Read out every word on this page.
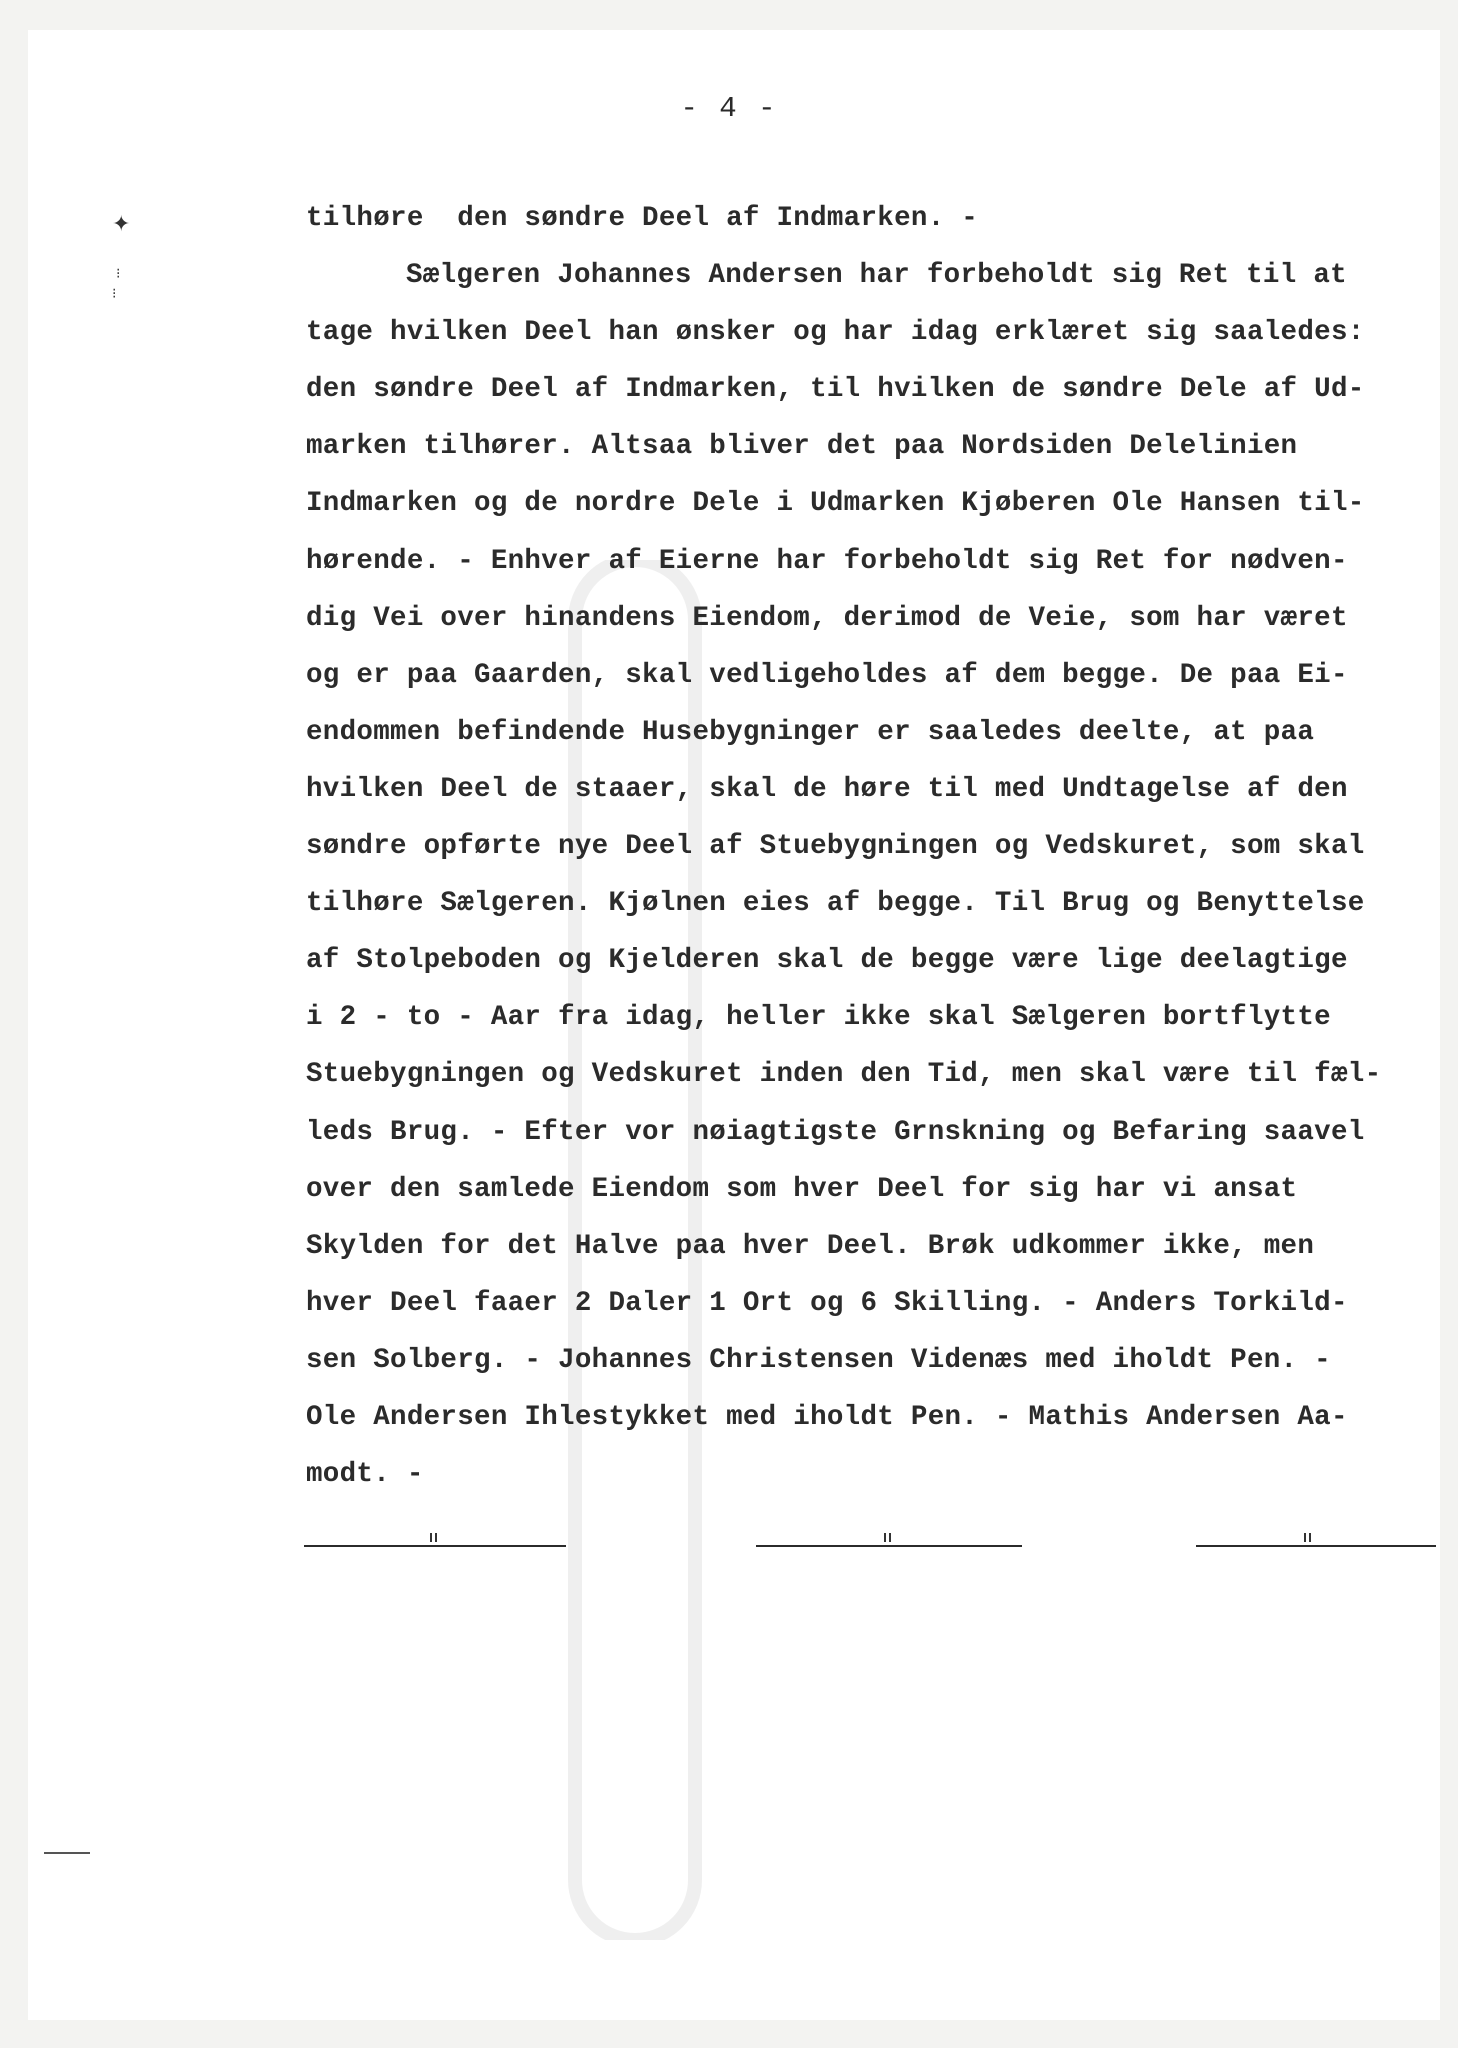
✦
⁝
⁝
- 4 -
tilhøre  den søndre Deel af Indmarken. -
Sælgeren Johannes Andersen har forbeholdt sig Ret til at
tage hvilken Deel han ønsker og har idag erklæret sig saaledes:
den søndre Deel af Indmarken, til hvilken de søndre Dele af Ud-
marken tilhører. Altsaa bliver det paa Nordsiden Delelinien
Indmarken og de nordre Dele i Udmarken Kjøberen Ole Hansen til-
hørende. - Enhver af Eierne har forbeholdt sig Ret for nødven-
dig Vei over hinandens Eiendom, derimod de Veie, som har været
og er paa Gaarden, skal vedligeholdes af dem begge. De paa Ei-
endommen befindende Husebygninger er saaledes deelte, at paa
hvilken Deel de staaer, skal de høre til med Undtagelse af den
søndre opførte nye Deel af Stuebygningen og Vedskuret, som skal
tilhøre Sælgeren. Kjølnen eies af begge. Til Brug og Benyttelse
af Stolpeboden og Kjelderen skal de begge være lige deelagtige
i 2 - to - Aar fra idag, heller ikke skal Sælgeren bortflytte
Stuebygningen og Vedskuret inden den Tid, men skal være til fæl-
leds Brug. - Efter vor nøiagtigste Grnskning og Befaring saavel
over den samlede Eiendom som hver Deel for sig har vi ansat
Skylden for det Halve paa hver Deel. Brøk udkommer ikke, men
hver Deel faaer 2 Daler 1 Ort og 6 Skilling. - Anders Torkild-
sen Solberg. - Johannes Christensen Videnæs med iholdt Pen. -
Ole Andersen Ihlestykket med iholdt Pen. - Mathis Andersen Aa-
modt. -
